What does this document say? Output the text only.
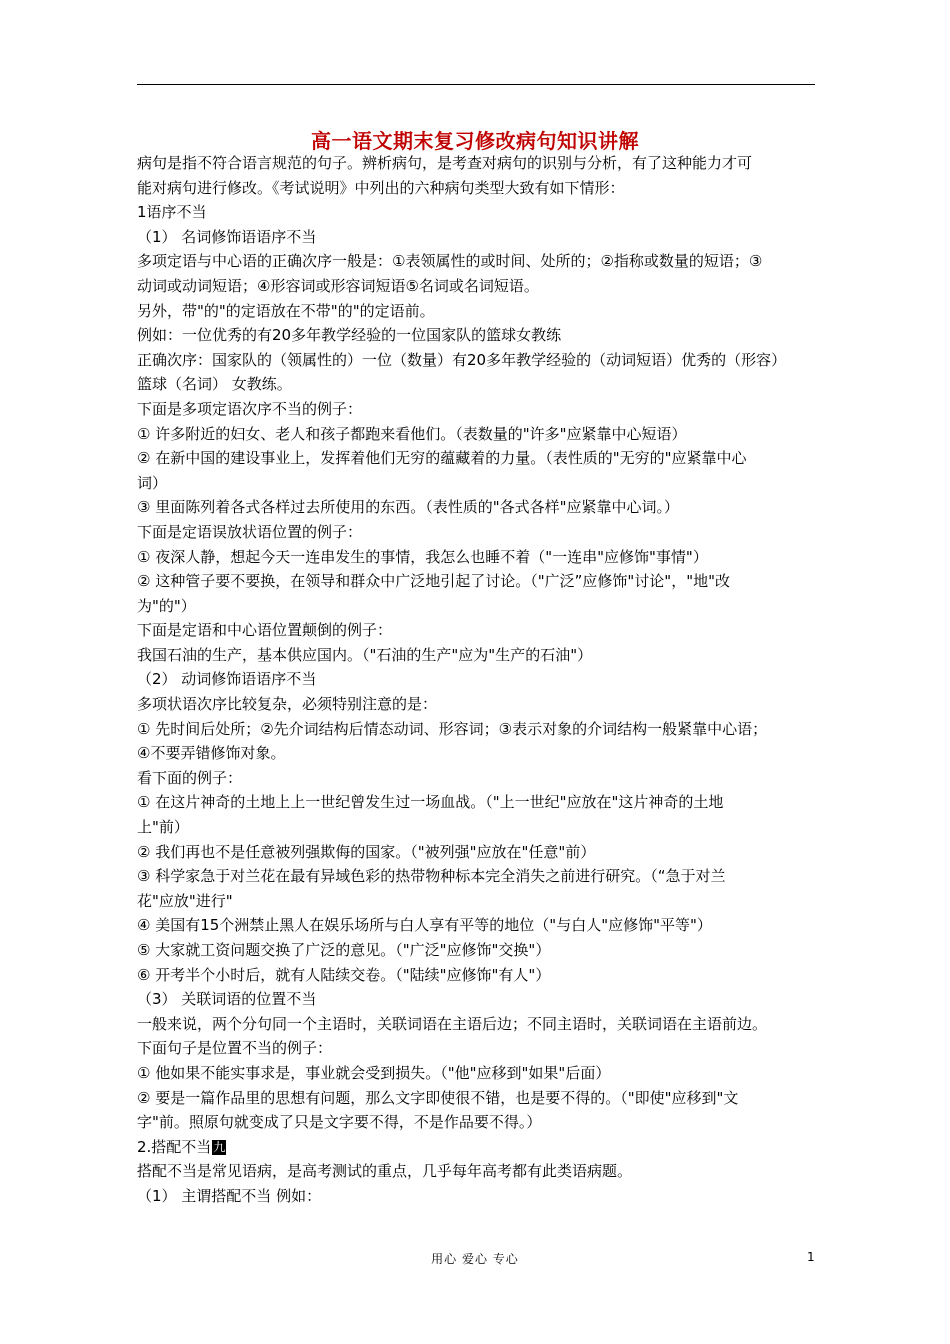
高一语文期末复习修改病句知识讲解
病句是指不符合语言规范的句子。辨析病句，是考查对病句的识别与分析，有了这种能力才可
能对病句进行修改。《考试说明》中列出的六种病句类型大致有如下情形：
1语序不当
（1） 名词修饰语语序不当
多项定语与中心语的正确次序一般是：①表领属性的或时间、处所的；②指称或数量的短语；③
动词或动词短语；④形容词或形容词短语⑤名词或名词短语。
另外，带"的"的定语放在不带"的"的定语前。
例如：一位优秀的有20多年教学经验的一位国家队的篮球女教练
正确次序：国家队的（领属性的）一位（数量）有20多年教学经验的（动词短语）优秀的（形容）
篮球（名词） 女教练。
下面是多项定语次序不当的例子：
① 许多附近的妇女、老人和孩子都跑来看他们。（表数量的"许多"应紧靠中心短语）
② 在新中国的建设事业上，发挥着他们无穷的蕴藏着的力量。（表性质的"无穷的"应紧靠中心
词）
③ 里面陈列着各式各样过去所使用的东西。（表性质的"各式各样"应紧靠中心词。）
下面是定语误放状语位置的例子：
① 夜深人静，想起今天一连串发生的事情，我怎么也睡不着（"一连串"应修饰"事情"）
② 这种管子要不要换，在领导和群众中广泛地引起了讨论。（"广泛”应修饰"讨论"，"地"改
为"的"）
下面是定语和中心语位置颠倒的例子：
我国石油的生产，基本供应国内。（"石油的生产"应为"生产的石油"）
（2） 动词修饰语语序不当
多项状语次序比较复杂，必须特别注意的是：
① 先时间后处所；②先介词结构后情态动词、形容词；③表示对象的介词结构一般紧靠中心语；
④不要弄错修饰对象。
看下面的例子：
① 在这片神奇的土地上上一世纪曾发生过一场血战。（"上一世纪"应放在"这片神奇的土地
上"前）
② 我们再也不是任意被列强欺侮的国家。（"被列强"应放在"任意"前）
③ 科学家急于对兰花在最有异域色彩的热带物种标本完全消失之前进行研究。（“急于对兰
花"应放"进行"
④ 美国有15个洲禁止黑人在娱乐场所与白人享有平等的地位（"与白人"应修饰"平等"）
⑤ 大家就工资问题交换了广泛的意见。（"广泛"应修饰"交换"）
⑥ 开考半个小时后，就有人陆续交卷。（"陆续"应修饰"有人"）
（3） 关联词语的位置不当
一般来说，两个分句同一个主语时，关联词语在主语后边；不同主语时，关联词语在主语前边。
下面句子是位置不当的例子：
① 他如果不能实事求是，事业就会受到损失。（"他"应移到"如果"后面）
② 要是一篇作品里的思想有问题，那么文字即使很不错，也是要不得的。（"即使"应移到"文
字"前。照原句就变成了只是文字要不得，不是作品要不得。）
2.搭配不当 九
搭配不当是常见语病，是高考测试的重点，几乎每年高考都有此类语病题。
（1） 主谓搭配不当 例如：
用心 爱心 专心	1
